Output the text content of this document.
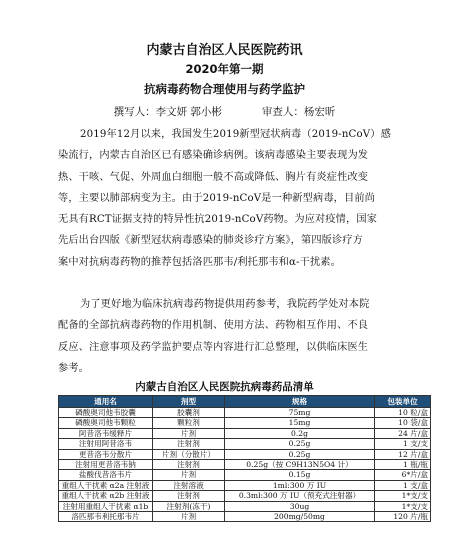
内蒙古自治区人民医院药讯
2020年第一期
抗病毒药物合理使用与药学监护
撰写人：李文妍 郭小彬	审查人：杨宏昕
2019年12月以来，我国发生2019新型冠状病毒（2019-nCoV）感
染流行，内蒙古自治区已有感染确诊病例。该病毒感染主要表现为发
热、干咳、气促、外周血白细胞一般不高或降低、胸片有炎症性改变
等，主要以肺部病变为主。由于2019-nCoV是一种新型病毒，目前尚
无具有RCT证据支持的特异性抗2019-nCoV药物。为应对疫情，国家
先后出台四版《新型冠状病毒感染的肺炎诊疗方案》，第四版诊疗方
案中对抗病毒药物的推荐包括洛匹那韦/利托那韦和α-干扰素。
为了更好地为临床抗病毒药物提供用药参考，我院药学处对本院
配备的全部抗病毒药物的作用机制、使用方法、药物相互作用、不良
反应、注意事项及药学监护要点等内容进行汇总整理，以供临床医生
参考。
内蒙古自治区人民医院抗病毒药品清单
通用名	剂型	规格	包装单位
磷酸奥司他韦胶囊	胶囊剂	75mg	10 粒/盒
磷酸奥司他韦颗粒	颗粒剂	15mg	10 袋/盒
阿昔洛韦缓释片	片剂	0.2g	24 片/盒
注射用阿昔洛韦	注射剂	0.25g	1 支/支
更昔洛韦分散片	片剂（分散片）	0.25g	12 片/盒
注射用更昔洛韦钠	注射剂	0.25g（按 C9H13N5O4 计）	1 瓶/瓶
盐酸伐昔洛韦片	片剂	0.15g	6*片/盒
重组人干扰素 α2a 注射液	注射溶液	1ml:300 万 IU	1 支/盒
重组人干扰素 α2b 注射液	注射剂	0.3ml:300 万 IU（预充式注射器）	1*支/支
注射用重组人干扰素 α1b	注射剂(冻干)	30ug	1*支/支
洛匹那韦利托那韦片	片剂	200mg/50mg	120 片/瓶
